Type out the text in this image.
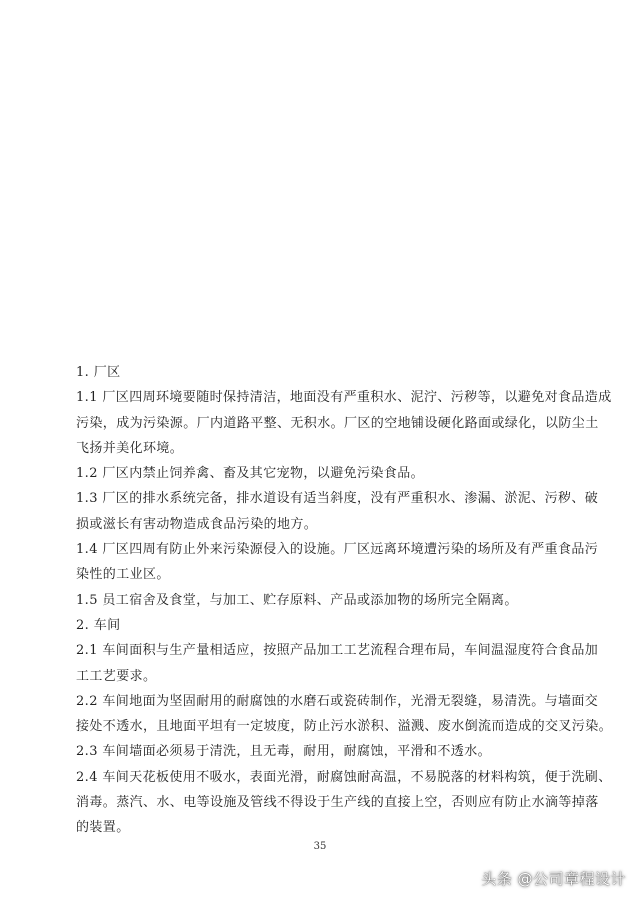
1. 厂区
1.1 厂区四周环境要随时保持清洁，地面没有严重积水、泥泞、污秽等，以避免对食品造成
污染，成为污染源。厂内道路平整、无积水。厂区的空地铺设硬化路面或绿化，以防尘土
飞扬并美化环境。
1.2 厂区内禁止饲养禽、畜及其它宠物，以避免污染食品。
1.3 厂区的排水系统完备，排水道设有适当斜度，没有严重积水、渗漏、淤泥、污秽、破
损或滋长有害动物造成食品污染的地方。
1.4 厂区四周有防止外来污染源侵入的设施。厂区远离环境遭污染的场所及有严重食品污
染性的工业区。
1.5 员工宿舍及食堂，与加工、贮存原料、产品或添加物的场所完全隔离。
2. 车间
2.1 车间面积与生产量相适应，按照产品加工工艺流程合理布局，车间温湿度符合食品加
工工艺要求。
2.2 车间地面为坚固耐用的耐腐蚀的水磨石或瓷砖制作，光滑无裂缝，易清洗。与墙面交
接处不透水，且地面平坦有一定坡度，防止污水淤积、溢溅、废水倒流而造成的交叉污染。
2.3 车间墙面必须易于清洗，且无毒，耐用，耐腐蚀，平滑和不透水。
2.4 车间天花板使用不吸水，表面光滑，耐腐蚀耐高温，不易脱落的材料构筑，便于洗刷、
消毒。蒸汽、水、电等设施及管线不得设于生产线的直接上空，否则应有防止水滴等掉落
的装置。
35
头条 @公司章程设计
